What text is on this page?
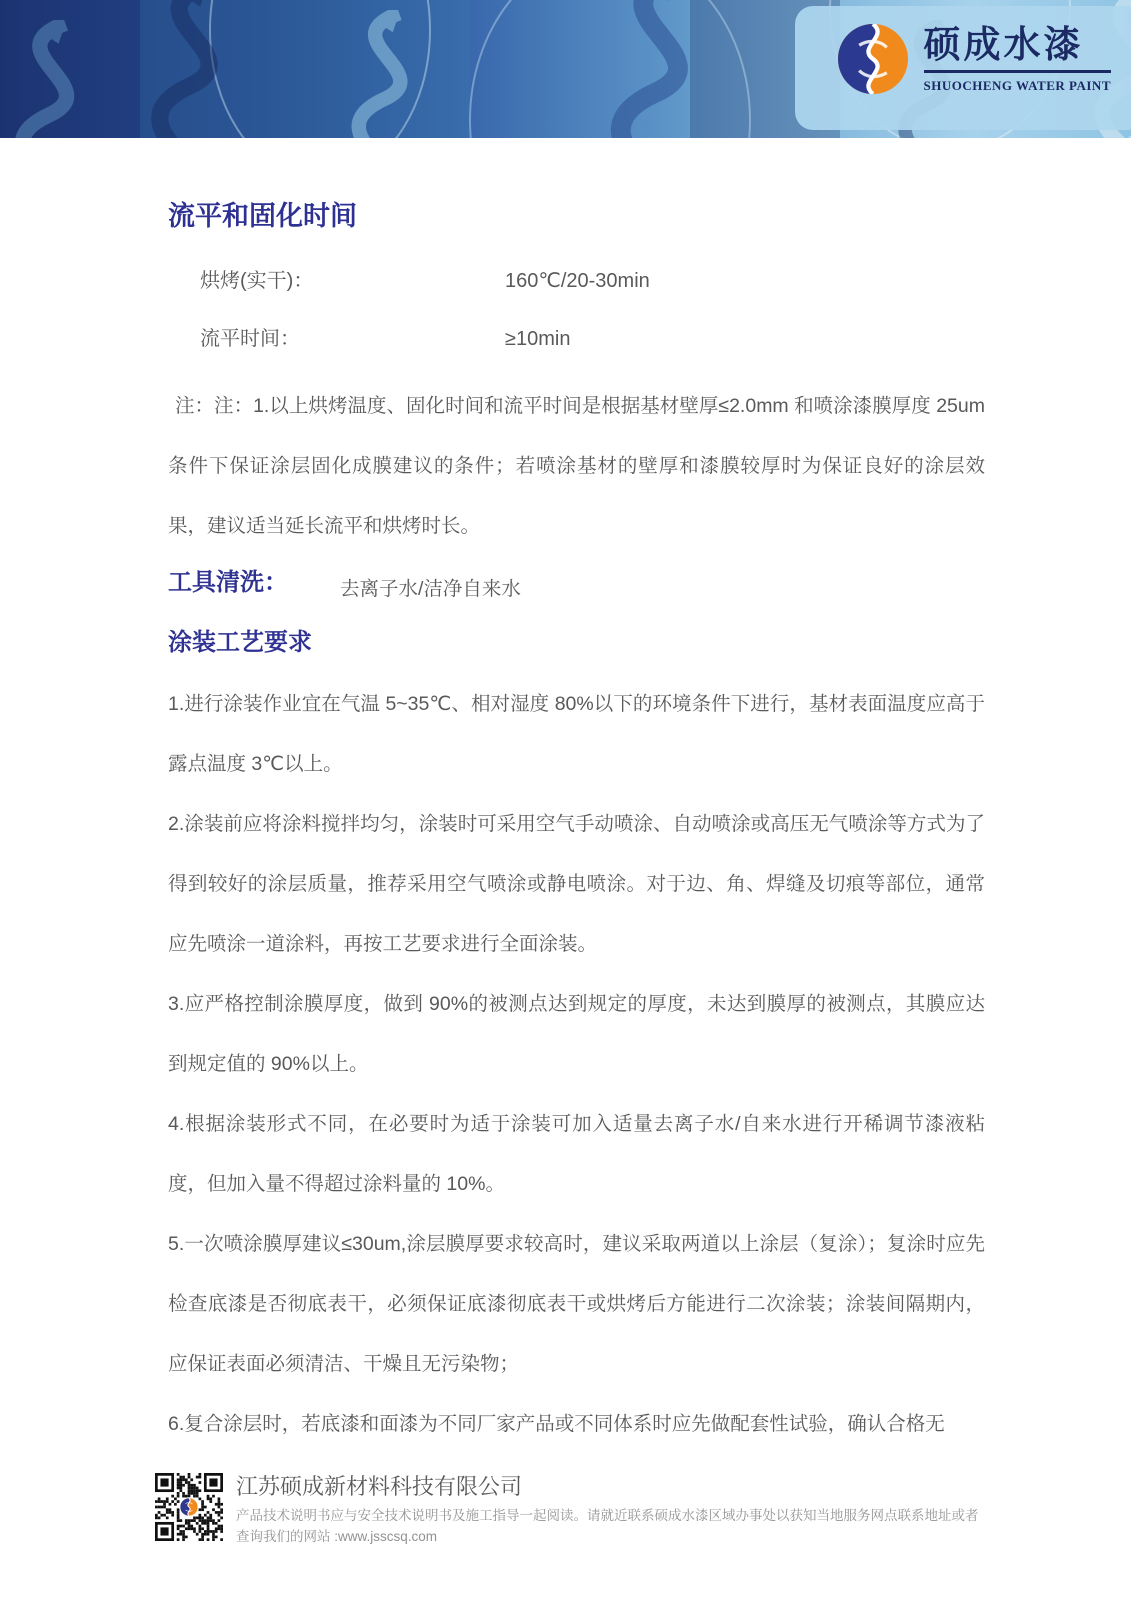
硕成水漆
SHUOCHENG WATER PAINT
流平和固化时间
烘烤(实干)：	160℃/20-30min
流平时间：	≥10min

注：注：1.以上烘烤温度、固化时间和流平时间是根据基材壁厚≤2.0mm 和喷涂漆膜厚度 25um 条件下保证涂层固化成膜建议的条件；若喷涂基材的壁厚和漆膜较厚时为保证良好的涂层效果，建议适当延长流平和烘烤时长。

工具清洗：	去离子水/洁净自来水
涂装工艺要求

1.进行涂装作业宜在气温 5~35℃、相对湿度 80%以下的环境条件下进行，基材表面温度应高于露点温度 3℃以上。

2.涂装前应将涂料搅拌均匀，涂装时可采用空气手动喷涂、自动喷涂或高压无气喷涂等方式为了得到较好的涂层质量，推荐采用空气喷涂或静电喷涂。对于边、角、焊缝及切痕等部位，通常应先喷涂一道涂料，再按工艺要求进行全面涂装。

3.应严格控制涂膜厚度，做到 90%的被测点达到规定的厚度，未达到膜厚的被测点，其膜应达到规定值的 90%以上。

4.根据涂装形式不同，在必要时为适于涂装可加入适量去离子水/自来水进行开稀调节漆液粘度，但加入量不得超过涂料量的 10%。

5.一次喷涂膜厚建议≤30um,涂层膜厚要求较高时，建议采取两道以上涂层（复涂）；复涂时应先检查底漆是否彻底表干，必须保证底漆彻底表干或烘烤后方能进行二次涂装；涂装间隔期内，应保证表面必须清洁、干燥且无污染物；

6.复合涂层时，若底漆和面漆为不同厂家产品或不同体系时应先做配套性试验，确认合格无

江苏硕成新材料科技有限公司
产品技术说明书应与安全技术说明书及施工指导一起阅读。请就近联系硕成水漆区域办事处以获知当地服务网点联系地址或者查询我们的网站 :www.jsscsq.com
